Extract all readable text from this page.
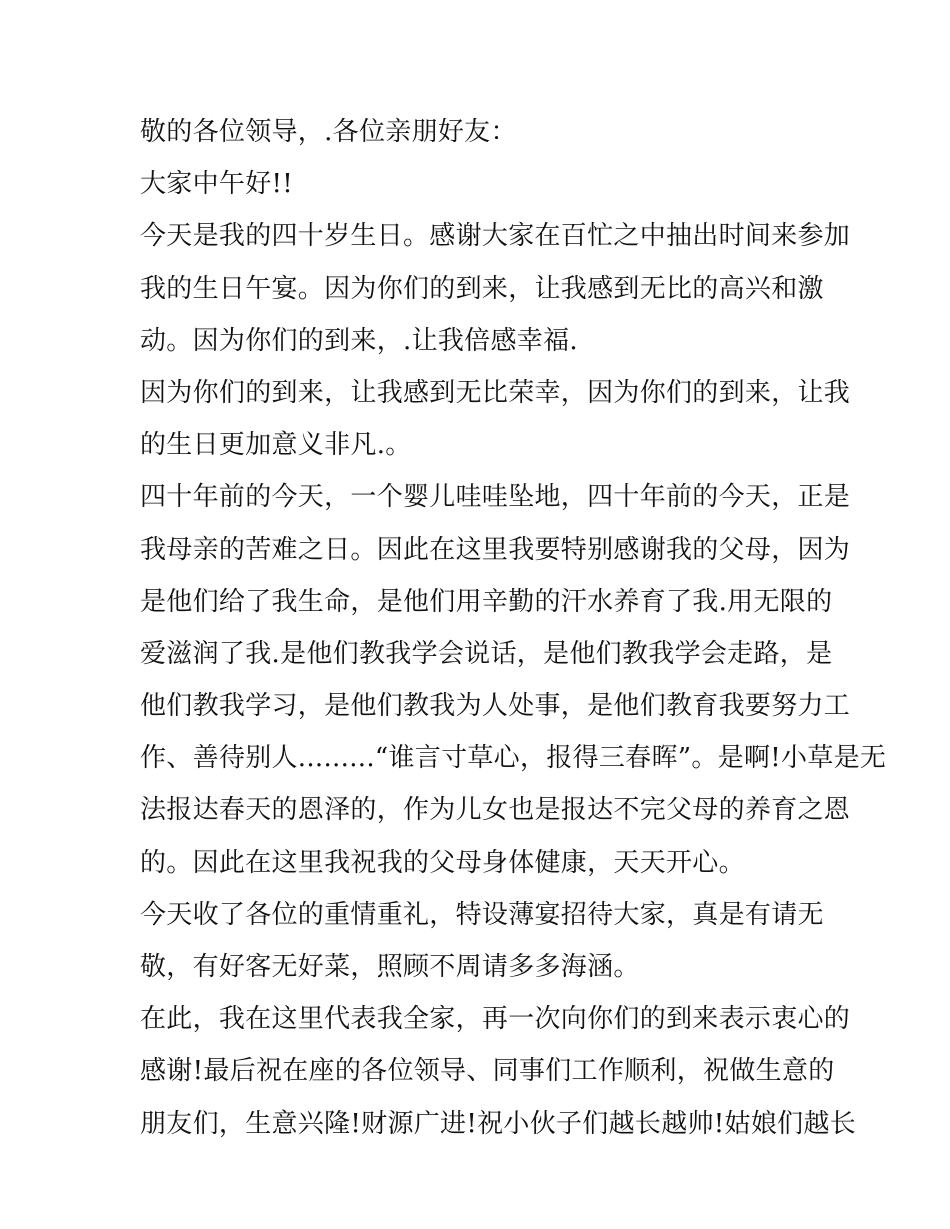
敬的各位领导，.各位亲朋好友：
大家中午好!!
今天是我的四十岁生日。感谢大家在百忙之中抽出时间来参加
我的生日午宴。因为你们的到来，让我感到无比的高兴和激
动。因为你们的到来，.让我倍感幸福.
因为你们的到来，让我感到无比荣幸，因为你们的到来，让我
的生日更加意义非凡.。
四十年前的今天，一个婴儿哇哇坠地，四十年前的今天，正是
我母亲的苦难之日。因此在这里我要特别感谢我的父母，因为
是他们给了我生命，是他们用辛勤的汗水养育了我.用无限的
爱滋润了我.是他们教我学会说话，是他们教我学会走路，是
他们教我学习，是他们教我为人处事，是他们教育我要努力工
作、善待别人.........“谁言寸草心，报得三春晖”。是啊!小草是无
法报达春天的恩泽的，作为儿女也是报达不完父母的养育之恩
的。因此在这里我祝我的父母身体健康，天天开心。
今天收了各位的重情重礼，特设薄宴招待大家，真是有请无
敬，有好客无好菜，照顾不周请多多海涵。
在此，我在这里代表我全家，再一次向你们的到来表示衷心的
感谢!最后祝在座的各位领导、同事们工作顺利，祝做生意的
朋友们，生意兴隆!财源广进!祝小伙子们越长越帅!姑娘们越长
